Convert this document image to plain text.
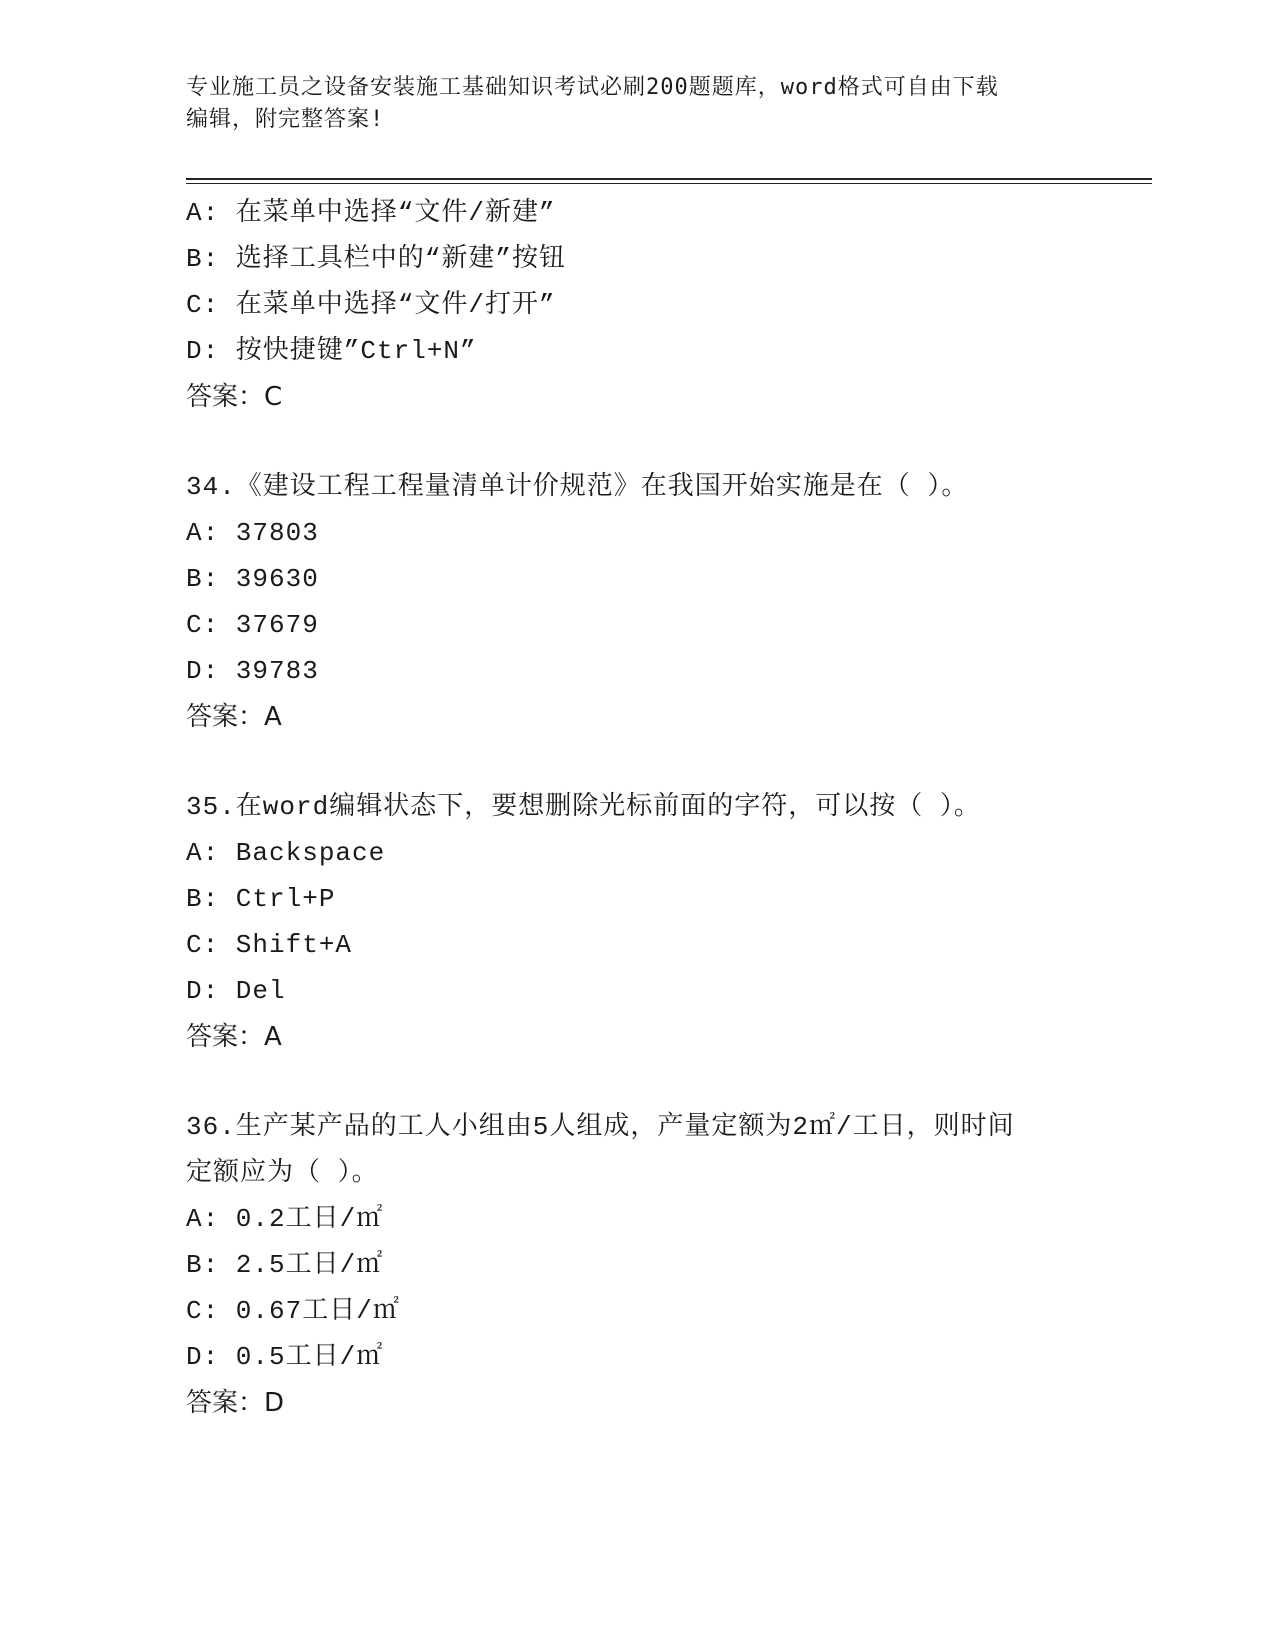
专业施工员之设备安装施工基础知识考试必刷200题题库，word格式可自由下载
编辑，附完整答案!
A: 在菜单中选择“文件/新建”
B: 选择工具栏中的“新建”按钮
C: 在菜单中选择“文件/打开”
D: 按快捷键”Ctrl+N”
答案：C
34.《建设工程工程量清单计价规范》在我国开始实施是在（ ）。
A: 37803
B: 39630
C: 37679
D: 39783
答案：A
35.在word编辑状态下，要想删除光标前面的字符，可以按（ ）。
A: Backspace
B: Ctrl+P
C: Shift+A
D: Del
答案：A
36.生产某产品的工人小组由5人组成，产量定额为2㎡/工日，则时间
定额应为（ ）。
A: 0.2工日/㎡
B: 2.5工日/㎡
C: 0.67工日/㎡
D: 0.5工日/㎡
答案：D
